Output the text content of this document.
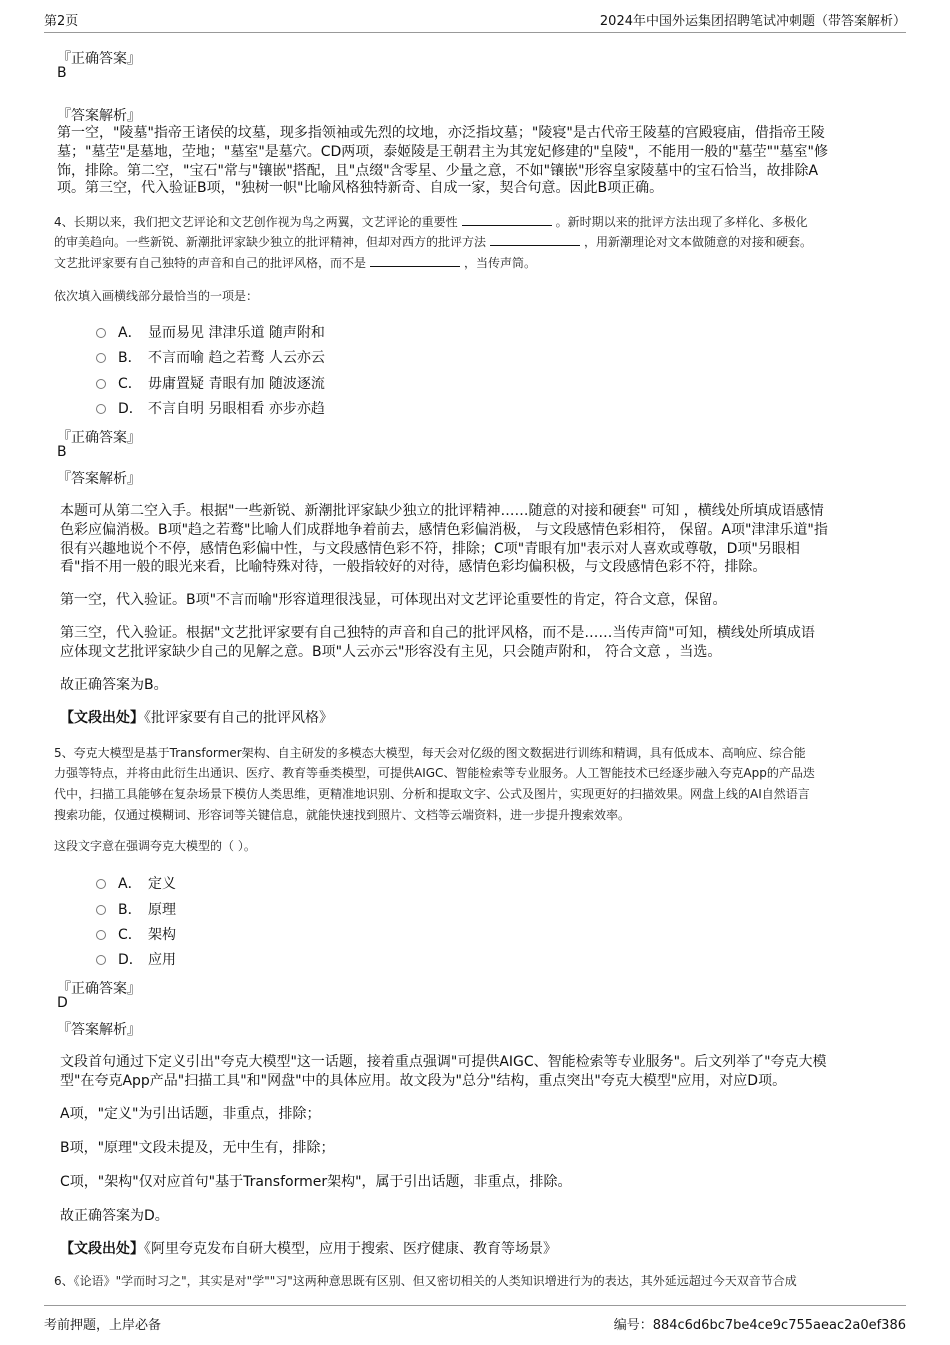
第2页	2024年中国外运集团招聘笔试冲刺题（带答案解析）
『正确答案』
B
『答案解析』
第一空，"陵墓"指帝王诸侯的坟墓，现多指领袖或先烈的坟地，亦泛指坟墓；"陵寝"是古代帝王陵墓的宫殿寝庙，借指帝王陵
墓；"墓茔"是墓地，茔地；"墓室"是墓穴。CD两项，泰姬陵是王朝君主为其宠妃修建的"皇陵"，不能用一般的"墓茔""墓室"修
饰，排除。第二空，"宝石"常与"镶嵌"搭配，且"点缀"含零星、少量之意，不如"镶嵌"形容皇家陵墓中的宝石恰当，故排除A
项。第三空，代入验证B项，"独树一帜"比喻风格独特新奇、自成一家，契合句意。因此B项正确。
4、长期以来，我们把文艺评论和文艺创作视为鸟之两翼，文艺评论的重要性	。新时期以来的批评方法出现了多样化、多极化
的审美趋向。一些新锐、新潮批评家缺少独立的批评精神，但却对西方的批评方法	，用新潮理论对文本做随意的对接和硬套。
文艺批评家要有自己独特的声音和自己的批评风格，而不是	，当传声筒。
依次填入画横线部分最恰当的一项是：
A． 显而易见 津津乐道 随声附和
B． 不言而喻 趋之若鹜 人云亦云
C． 毋庸置疑 青眼有加 随波逐流
D． 不言自明 另眼相看 亦步亦趋
『正确答案』
B
『答案解析』
本题可从第二空入手。根据"一些新锐、新潮批评家缺少独立的批评精神……随意的对接和硬套" 可知 ，横线处所填成语感情
色彩应偏消极。B项"趋之若鹜"比喻人们成群地争着前去，感情色彩偏消极， 与文段感情色彩相符， 保留。A项"津津乐道"指
很有兴趣地说个不停，感情色彩偏中性，与文段感情色彩不符，排除；C项"青眼有加"表示对人喜欢或尊敬，D项"另眼相
看"指不用一般的眼光来看，比喻特殊对待，一般指较好的对待，感情色彩均偏积极，与文段感情色彩不符，排除。
第一空，代入验证。B项"不言而喻"形容道理很浅显，可体现出对文艺评论重要性的肯定，符合文意，保留。
第三空，代入验证。根据"文艺批评家要有自己独特的声音和自己的批评风格，而不是……当传声筒"可知，横线处所填成语
应体现文艺批评家缺少自己的见解之意。B项"人云亦云"形容没有主见，只会随声附和， 符合文意 ，当选。
故正确答案为B。
【文段出处】《批评家要有自己的批评风格》
5、夸克大模型是基于Transformer架构、自主研发的多模态大模型，每天会对亿级的图文数据进行训练和精调，具有低成本、高响应、综合能
力强等特点，并将由此衍生出通识、医疗、教育等垂类模型，可提供AIGC、智能检索等专业服务。人工智能技术已经逐步融入夸克App的产品迭
代中，扫描工具能够在复杂场景下模仿人类思维，更精准地识别、分析和提取文字、公式及图片，实现更好的扫描效果。网盘上线的AI自然语言
搜索功能，仅通过模糊词、形容词等关键信息，就能快速找到照片、文档等云端资料，进一步提升搜索效率。
这段文字意在强调夸克大模型的（ ）。
A． 定义
B． 原理
C． 架构
D． 应用
『正确答案』
D
『答案解析』
文段首句通过下定义引出"夸克大模型"这一话题，接着重点强调"可提供AIGC、智能检索等专业服务"。后文列举了"夸克大模
型"在夸克App产品"扫描工具"和"网盘"中的具体应用。故文段为"总分"结构，重点突出"夸克大模型"应用，对应D项。
A项，"定义"为引出话题，非重点，排除；
B项，"原理"文段未提及，无中生有，排除；
C项，"架构"仅对应首句"基于Transformer架构"，属于引出话题，非重点，排除。
故正确答案为D。
【文段出处】《阿里夸克发布自研大模型，应用于搜索、医疗健康、教育等场景》
6、《论语》"学而时习之"，其实是对"学""习"这两种意思既有区别、但又密切相关的人类知识增进行为的表达，其外延远超过今天双音节合成
考前押题，上岸必备	编号：884c6d6bc7be4ce9c755aeac2a0ef386
